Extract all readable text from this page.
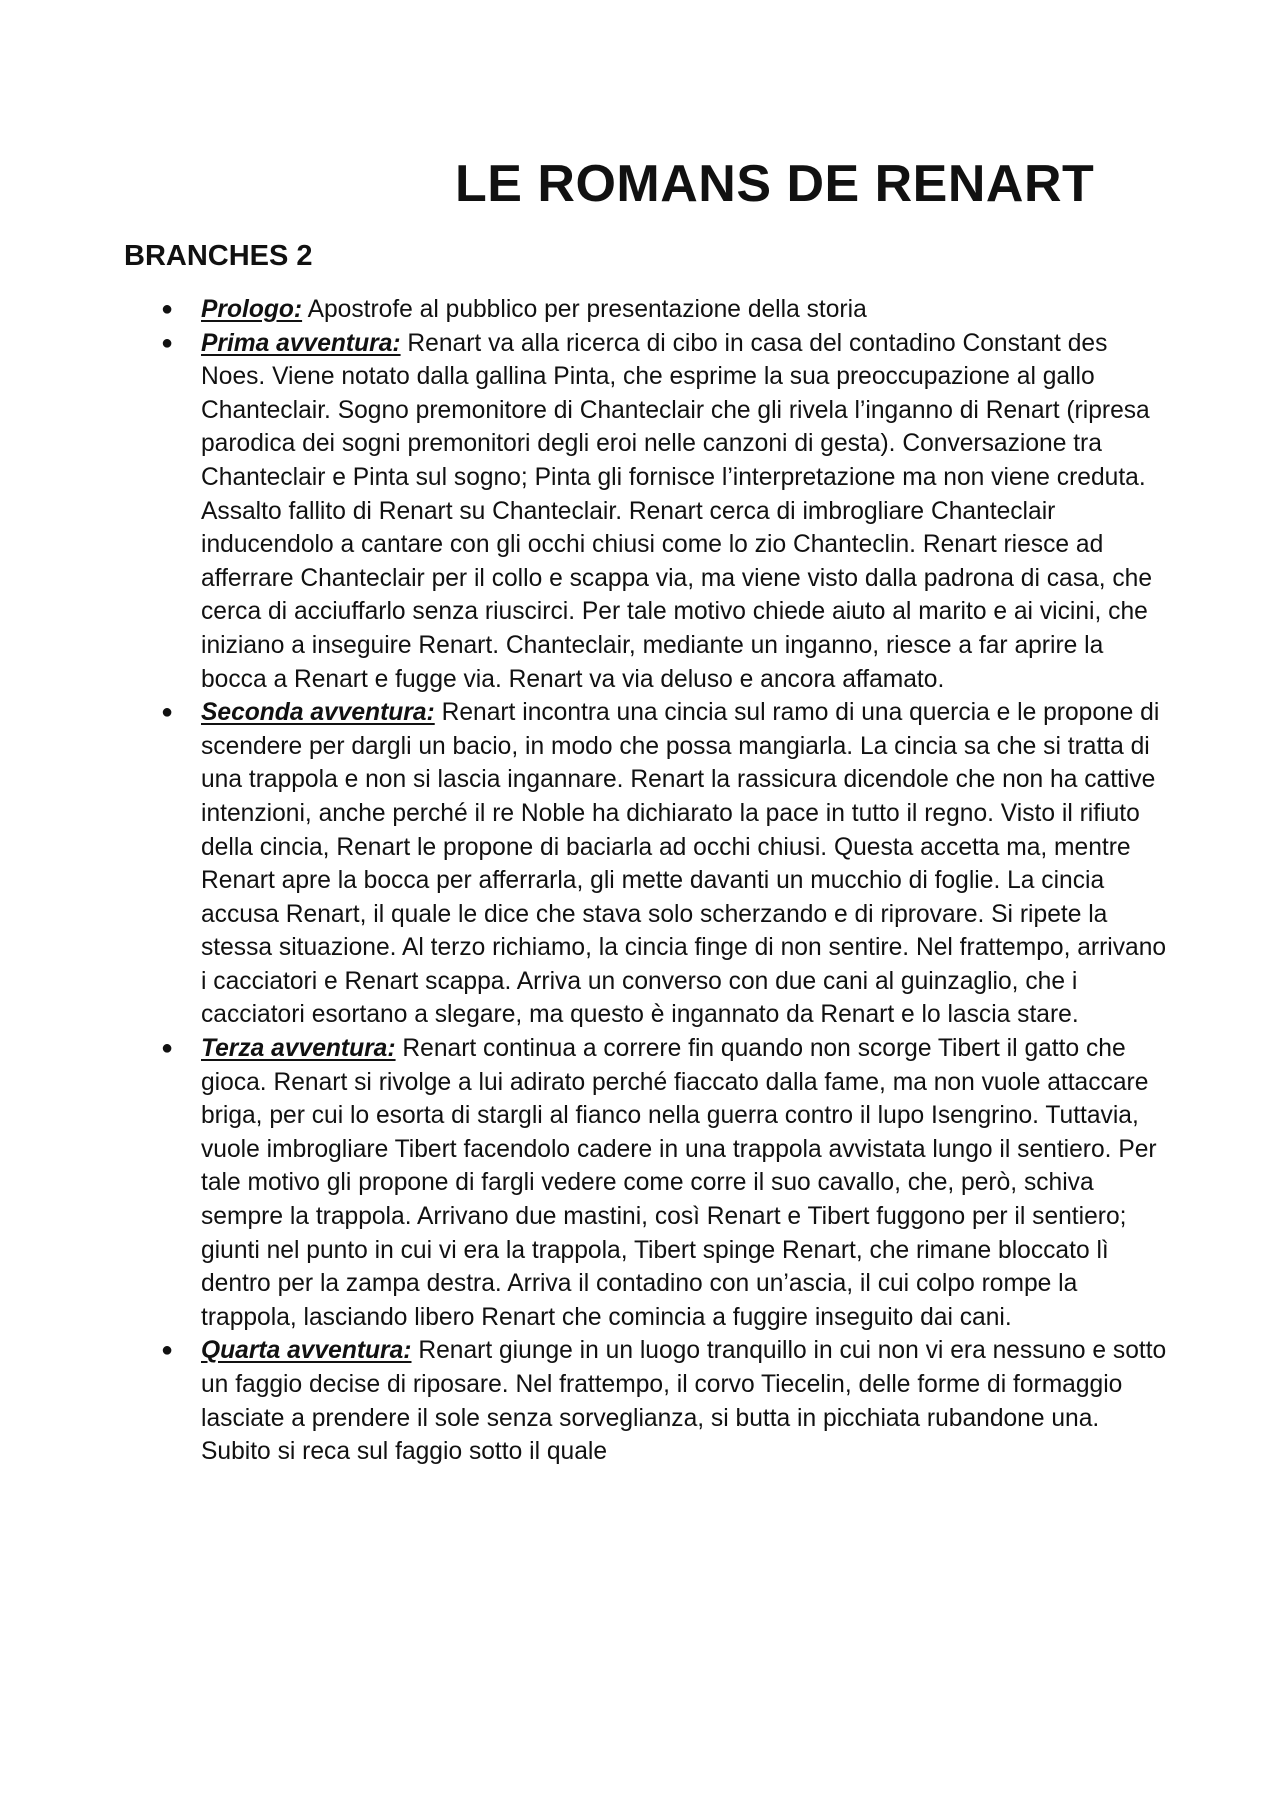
LE ROMANS DE RENART
BRANCHES 2
● Prologo: Apostrofe al pubblico per presentazione della storia
● Prima avventura: Renart va alla ricerca di cibo in casa del contadino Constant des Noes. Viene notato dalla gallina Pinta, che esprime la sua preoccupazione al gallo Chanteclair. Sogno premonitore di Chanteclair che gli rivela l’inganno di Renart (ripresa parodica dei sogni premonitori degli eroi nelle canzoni di gesta). Conversazione tra Chanteclair e Pinta sul sogno; Pinta gli fornisce l’interpretazione ma non viene creduta. Assalto fallito di Renart su Chanteclair. Renart cerca di imbrogliare Chanteclair inducendolo a cantare con gli occhi chiusi come lo zio Chanteclin. Renart riesce ad afferrare Chanteclair per il collo e scappa via, ma viene visto dalla padrona di casa, che cerca di acciuffarlo senza riuscirci. Per tale motivo chiede aiuto al marito e ai vicini, che iniziano a inseguire Renart. Chanteclair, mediante un inganno, riesce a far aprire la bocca a Renart e fugge via. Renart va via deluso e ancora affamato.
● Seconda avventura: Renart incontra una cincia sul ramo di una quercia e le propone di scendere per dargli un bacio, in modo che possa mangiarla. La cincia sa che si tratta di una trappola e non si lascia ingannare. Renart la rassicura dicendole che non ha cattive intenzioni, anche perché il re Noble ha dichiarato la pace in tutto il regno. Visto il rifiuto della cincia, Renart le propone di baciarla ad occhi chiusi. Questa accetta ma, mentre Renart apre la bocca per afferrarla, gli mette davanti un mucchio di foglie. La cincia accusa Renart, il quale le dice che stava solo scherzando e di riprovare. Si ripete la stessa situazione. Al terzo richiamo, la cincia finge di non sentire. Nel frattempo, arrivano i cacciatori e Renart scappa. Arriva un converso con due cani al guinzaglio, che i cacciatori esortano a slegare, ma questo è ingannato da Renart e lo lascia stare.
● Terza avventura: Renart continua a correre fin quando non scorge Tibert il gatto che gioca. Renart si rivolge a lui adirato perché fiaccato dalla fame, ma non vuole attaccare briga, per cui lo esorta di stargli al fianco nella guerra contro il lupo Isengrino. Tuttavia, vuole imbrogliare Tibert facendolo cadere in una trappola avvistata lungo il sentiero. Per tale motivo gli propone di fargli vedere come corre il suo cavallo, che, però, schiva sempre la trappola. Arrivano due mastini, così Renart e Tibert fuggono per il sentiero; giunti nel punto in cui vi era la trappola, Tibert spinge Renart, che rimane bloccato lì dentro per la zampa destra. Arriva il contadino con un’ascia, il cui colpo rompe la trappola, lasciando libero Renart che comincia a fuggire inseguito dai cani.
● Quarta avventura: Renart giunge in un luogo tranquillo in cui non vi era nessuno e sotto un faggio decise di riposare. Nel frattempo, il corvo Tiecelin, delle forme di formaggio lasciate a prendere il sole senza sorveglianza, si butta in picchiata rubandone una. Subito si reca sul faggio sotto il quale
